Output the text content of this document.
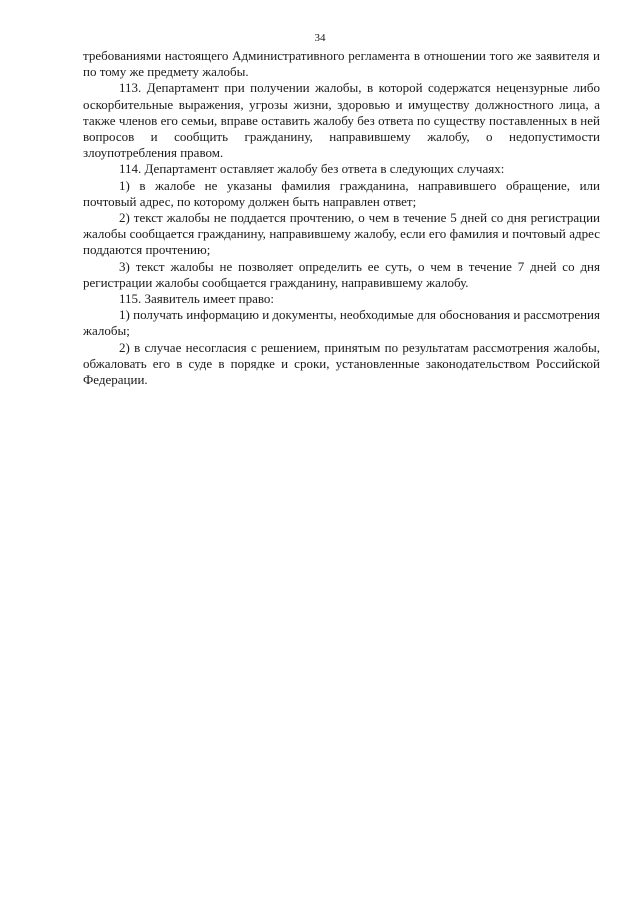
34

требованиями настоящего Административного регламента в отношении того же заявителя и по тому же предмету жалобы.

113. Департамент при получении жалобы, в которой содержатся нецензурные либо оскорбительные выражения, угрозы жизни, здоровью и имуществу должностного лица, а также членов его семьи, вправе оставить жалобу без ответа по существу поставленных в ней вопросов и сообщить гражданину, направившему жалобу, о недопустимости злоупотребления правом.

114. Департамент оставляет жалобу без ответа в следующих случаях:

1) в жалобе не указаны фамилия гражданина, направившего обращение, или почтовый адрес, по которому должен быть направлен ответ;

2) текст жалобы не поддается прочтению, о чем в течение 5 дней со дня регистрации жалобы сообщается гражданину, направившему жалобу, если его фамилия и почтовый адрес поддаются прочтению;

3) текст жалобы не позволяет определить ее суть, о чем в течение 7 дней со дня регистрации жалобы сообщается гражданину, направившему жалобу.

115. Заявитель имеет право:

1) получать информацию и документы, необходимые для обоснования и рассмотрения жалобы;

2) в случае несогласия с решением, принятым по результатам рассмотрения жалобы, обжаловать его в суде в порядке и сроки, установленные законодательством Российской Федерации.
